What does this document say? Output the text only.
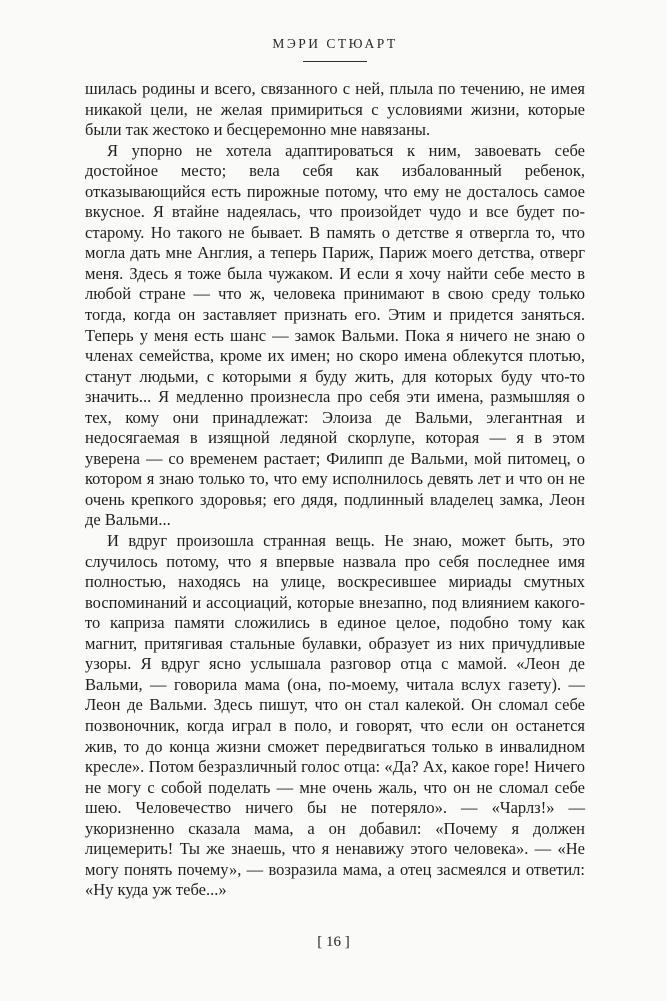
МЭРИ СТЮАРТ

шилась родины и всего, связанного с ней, плыла по течению, не имея никакой цели, не желая примириться с условиями жизни, которые были так жестоко и бесцеремонно мне навязаны.

Я упорно не хотела адаптироваться к ним, завоевать себе достойное место; вела себя как избалованный ребенок, отказывающийся есть пирожные потому, что ему не досталось самое вкусное. Я втайне надеялась, что произойдет чудо и все будет по-старому. Но такого не бывает. В память о детстве я отвергла то, что могла дать мне Англия, а теперь Париж, Париж моего детства, отверг меня. Здесь я тоже была чужаком. И если я хочу найти себе место в любой стране — что ж, человека принимают в свою среду только тогда, когда он заставляет признать его. Этим и придется заняться. Теперь у меня есть шанс — замок Вальми. Пока я ничего не знаю о членах семейства, кроме их имен; но скоро имена облекутся плотью, станут людьми, с которыми я буду жить, для которых буду что-то значить... Я медленно произнесла про себя эти имена, размышляя о тех, кому они принадлежат: Элоиза де Вальми, элегантная и недосягаемая в изящной ледяной скорлупе, которая — я в этом уверена — со временем растает; Филипп де Вальми, мой питомец, о котором я знаю только то, что ему исполнилось девять лет и что он не очень крепкого здоровья; его дядя, подлинный владелец замка, Леон де Вальми...

И вдруг произошла странная вещь. Не знаю, может быть, это случилось потому, что я впервые назвала про себя последнее имя полностью, находясь на улице, воскресившее мириады смутных воспоминаний и ассоциаций, которые внезапно, под влиянием какого-то каприза памяти сложились в единое целое, подобно тому как магнит, притягивая стальные булавки, образует из них причудливые узоры. Я вдруг ясно услышала разговор отца с мамой. «Леон де Вальми, — говорила мама (она, по-моему, читала вслух газету). — Леон де Вальми. Здесь пишут, что он стал калекой. Он сломал себе позвоночник, когда играл в поло, и говорят, что если он останется жив, то до конца жизни сможет передвигаться только в инвалидном кресле». Потом безразличный голос отца: «Да? Ах, какое горе! Ничего не могу с собой поделать — мне очень жаль, что он не сломал себе шею. Человечество ничего бы не потеряло». — «Чарлз!» — укоризненно сказала мама, а он добавил: «Почему я должен лицемерить! Ты же знаешь, что я ненавижу этого человека». — «Не могу понять почему», — возразила мама, а отец засмеялся и ответил: «Ну куда уж тебе...»

[ 16 ]
